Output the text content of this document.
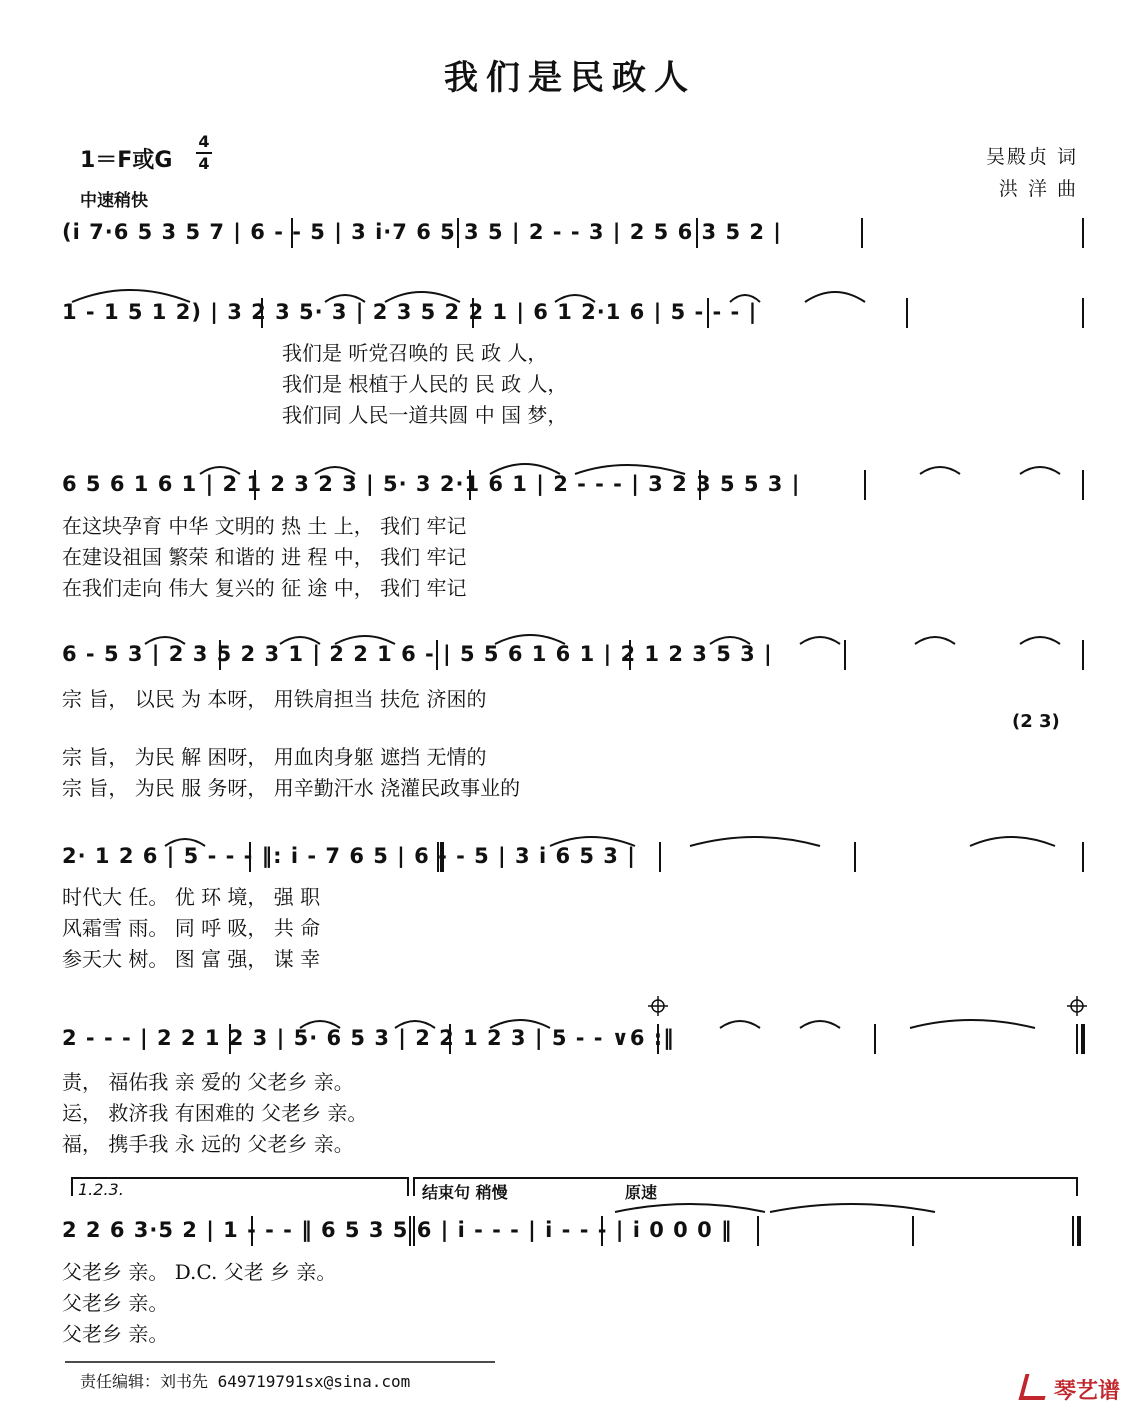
我们是民政人
1＝F或G
4
4
中速稍快
吴殿贞 词
洪 洋 曲
(i 7·6 5 3 5 7 | 6 - - 5 | 3 i·7 6 5 3 5 | 2 - - 3 | 2 5 6 3 5 2 |
1 - 1 5 1 2) | 3 2 3 5· 3 | 2 3 5 2 2 1 | 6 1 2·1 6 | 5 - - - |
我们是 听党召唤的 民 政 人，
我们是 根植于人民的 民 政 人，
我们同 人民一道共圆 中 国 梦，
6 5 6 1 6 1 | 2 1 2 3 2 3 | 5· 3 2·1 6 1 | 2 - - - | 3 2 3 5 5 3 |
在这块孕育 中华 文明的 热 土 上， 我们 牢记
在建设祖国 繁荣 和谐的 进 程 中， 我们 牢记
在我们走向 伟大 复兴的 征 途 中， 我们 牢记
6 - 5 3 | 2 3 5 2 3 1 | 2 2 1 6 - | 5 5 6 1 6 1 | 2 1 2 3 5 3 |
宗 旨， 以民 为 本呀， 用铁肩担当 扶危 济困的
(2 3)
宗 旨， 为民 解 困呀， 用血肉身躯 遮挡 无情的
宗 旨， 为民 服 务呀， 用辛勤汗水 浇灌民政事业的
2· 1 2 6 | 5 - - - ‖: i - 7 6 5 | 6 - - 5 | 3 i 6 5 3 |
时代大 任。 优 环 境， 强 职
风霜雪 雨。 同 呼 吸， 共 命
参天大 树。 图 富 强， 谋 幸
2 - - - | 2 2 1 2 3 | 5· 6 5 3 | 2 2 1 2 3 | 5 - - ∨6 :‖
责， 福佑我 亲 爱的 父老乡 亲。
运， 救济我 有困难的 父老乡 亲。
福， 携手我 永 远的 父老乡 亲。
1.2.3.	结束句 稍慢	原速
2 2 6 3·5 2 | 1 - - - ‖ 6 5 3 5 6 | i - - - | i - - - | i 0 0 0 ‖
父老乡 亲。 D.C. 父老 乡 亲。
父老乡 亲。
父老乡 亲。
责任编辑：刘书先 649719791sx@sina.com	琴艺谱
